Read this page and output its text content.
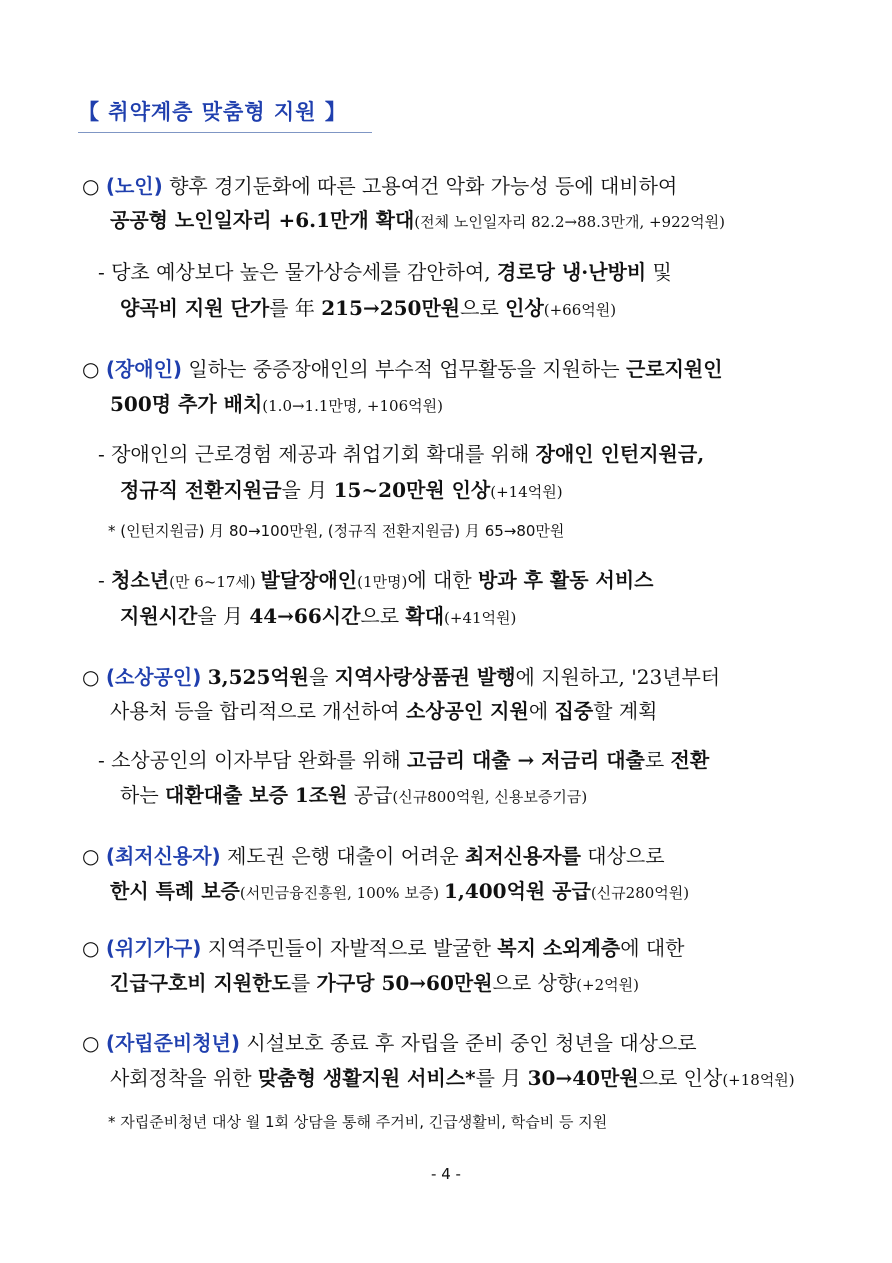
【 취약계층 맞춤형 지원 】
○ (노인) 향후 경기둔화에 따른 고용여건 악화 가능성 등에 대비하여
공공형 노인일자리 +6.1만개 확대(전체 노인일자리 82.2→88.3만개, +922억원)
- 당초 예상보다 높은 물가상승세를 감안하여, 경로당 냉·난방비 및
양곡비 지원 단가를 年 215→250만원으로 인상(+66억원)
○ (장애인) 일하는 중증장애인의 부수적 업무활동을 지원하는 근로지원인
500명 추가 배치(1.0→1.1만명, +106억원)
- 장애인의 근로경험 제공과 취업기회 확대를 위해 장애인 인턴지원금,
정규직 전환지원금을 月 15~20만원 인상(+14억원)
* (인턴지원금) 月 80→100만원, (정규직 전환지원금) 月 65→80만원
- 청소년(만 6~17세) 발달장애인(1만명)에 대한 방과 후 활동 서비스
지원시간을 月 44→66시간으로 확대(+41억원)
○ (소상공인) 3,525억원을 지역사랑상품권 발행에 지원하고, '23년부터
사용처 등을 합리적으로 개선하여 소상공인 지원에 집중할 계획
- 소상공인의 이자부담 완화를 위해 고금리 대출 → 저금리 대출로 전환
하는 대환대출 보증 1조원 공급(신규800억원, 신용보증기금)
○ (최저신용자) 제도권 은행 대출이 어려운 최저신용자를 대상으로
한시 특례 보증(서민금융진흥원, 100% 보증) 1,400억원 공급(신규280억원)
○ (위기가구) 지역주민들이 자발적으로 발굴한 복지 소외계층에 대한
긴급구호비 지원한도를 가구당 50→60만원으로 상향(+2억원)
○ (자립준비청년) 시설보호 종료 후 자립을 준비 중인 청년을 대상으로
사회정착을 위한 맞춤형 생활지원 서비스*를 月 30→40만원으로 인상(+18억원)
* 자립준비청년 대상 월 1회 상담을 통해 주거비, 긴급생활비, 학습비 등 지원
- 4 -
